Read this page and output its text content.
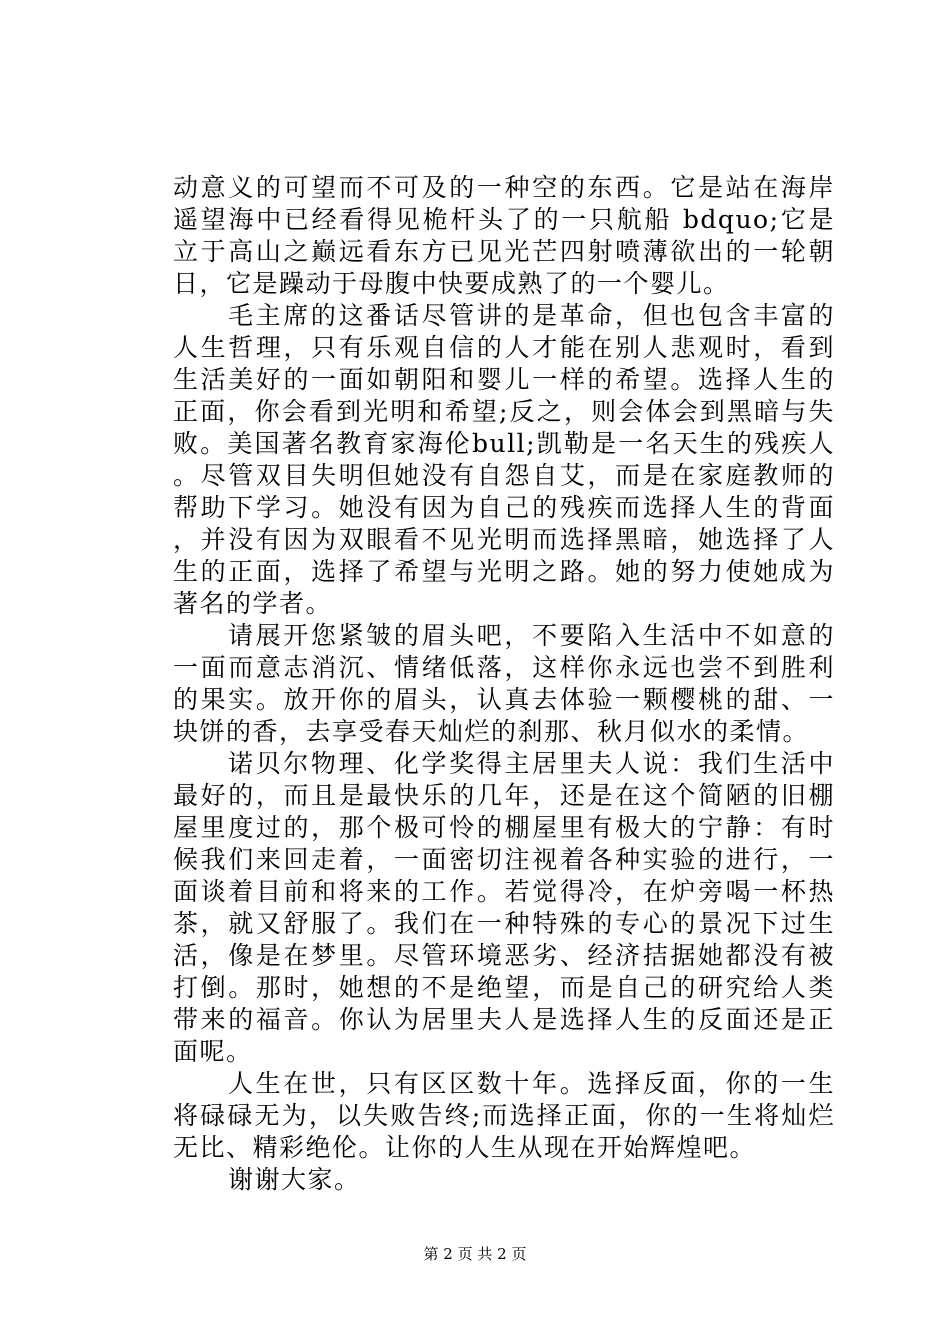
动意义的可望而不可及的一种空的东西。它是站在海岸遥望海中已经看得见桅杆头了的一只航船 bdquo;它是立于高山之巅远看东方已见光芒四射喷薄欲出的一轮朝日，它是躁动于母腹中快要成熟了的一个婴儿。

毛主席的这番话尽管讲的是革命，但也包含丰富的人生哲理，只有乐观自信的人才能在别人悲观时，看到生活美好的一面如朝阳和婴儿一样的希望。选择人生的正面，你会看到光明和希望;反之，则会体会到黑暗与失败。美国著名教育家海伦bull;凯勒是一名天生的残疾人。尽管双目失明但她没有自怨自艾，而是在家庭教师的帮助下学习。她没有因为自己的残疾而选择人生的背面，并没有因为双眼看不见光明而选择黑暗，她选择了人生的正面，选择了希望与光明之路。她的努力使她成为著名的学者。

请展开您紧皱的眉头吧，不要陷入生活中不如意的一面而意志消沉、情绪低落，这样你永远也尝不到胜利的果实。放开你的眉头，认真去体验一颗樱桃的甜、一块饼的香，去享受春天灿烂的刹那、秋月似水的柔情。

诺贝尔物理、化学奖得主居里夫人说：我们生活中最好的，而且是最快乐的几年，还是在这个简陋的旧棚屋里度过的，那个极可怜的棚屋里有极大的宁静：有时候我们来回走着，一面密切注视着各种实验的进行，一面谈着目前和将来的工作。若觉得冷，在炉旁喝一杯热茶，就又舒服了。我们在一种特殊的专心的景况下过生活，像是在梦里。尽管环境恶劣、经济拮据她都没有被打倒。那时，她想的不是绝望，而是自己的研究给人类带来的福音。你认为居里夫人是选择人生的反面还是正面呢。

人生在世，只有区区数十年。选择反面，你的一生将碌碌无为，以失败告终;而选择正面，你的一生将灿烂无比、精彩绝伦。让你的人生从现在开始辉煌吧。

谢谢大家。

第 2 页 共 2 页
